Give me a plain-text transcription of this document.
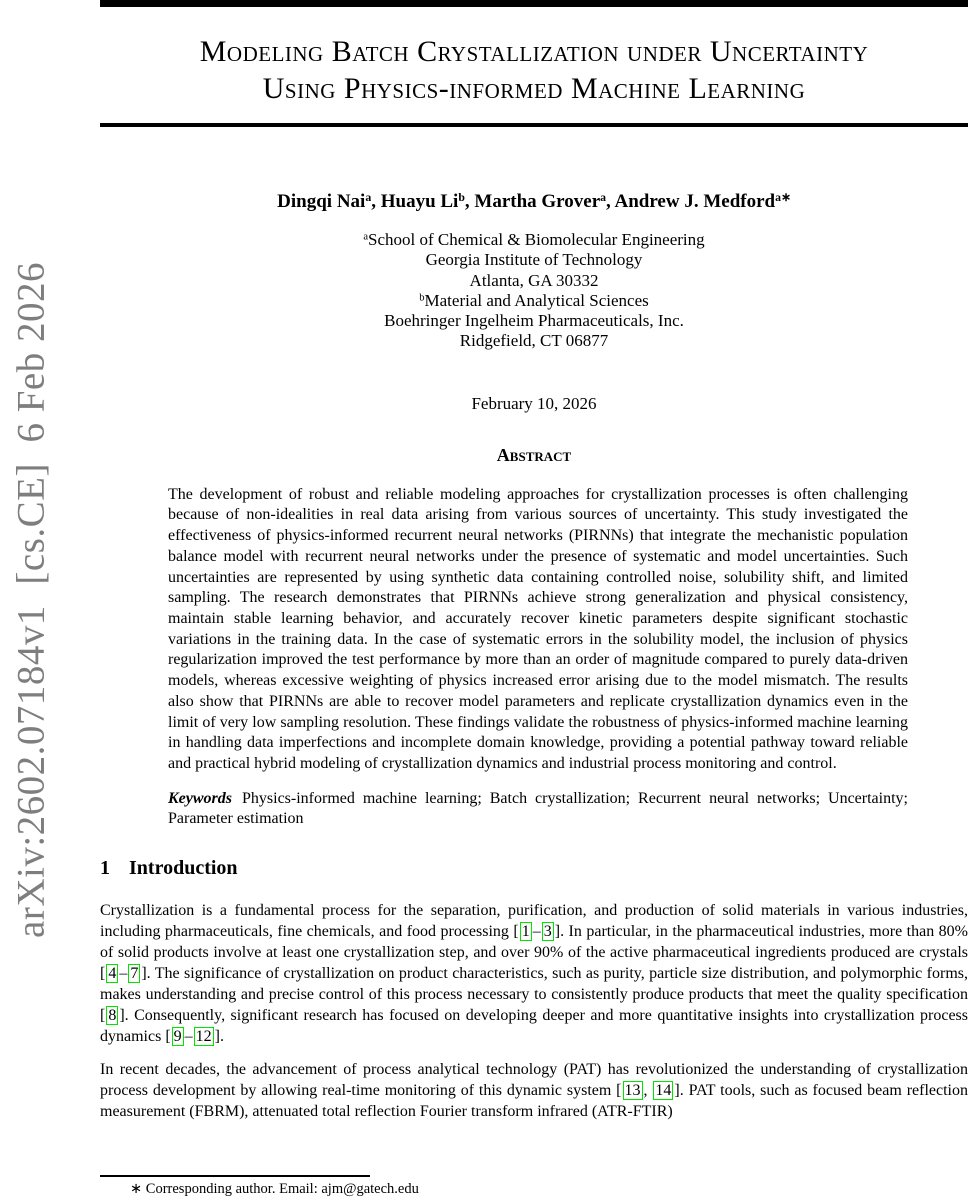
arXiv:2602.07184v1  [cs.CE]  6 Feb 2026
Modeling Batch Crystallization under Uncertainty
Using Physics-informed Machine Learning
Dingqi Nai$^a$, Huayu Li$^b$, Martha Grover$^a$, Andrew J. Medford$^{a∗}$
$^a$School of Chemical & Biomolecular Engineering
Georgia Institute of Technology
Atlanta, GA 30332
$^b$Material and Analytical Sciences
Boehringer Ingelheim Pharmaceuticals, Inc.
Ridgefield, CT 06877
February 10, 2026
Abstract

The development of robust and reliable modeling approaches for crystallization processes is often challenging because of non-idealities in real data arising from various sources of uncertainty. This study investigated the effectiveness of physics-informed recurrent neural networks (PIRNNs) that integrate the mechanistic population balance model with recurrent neural networks under the presence of systematic and model uncertainties. Such uncertainties are represented by using synthetic data containing controlled noise, solubility shift, and limited sampling. The research demonstrates that PIRNNs achieve strong generalization and physical consistency, maintain stable learning behavior, and accurately recover kinetic parameters despite significant stochastic variations in the training data. In the case of systematic errors in the solubility model, the inclusion of physics regularization improved the test performance by more than an order of magnitude compared to purely data-driven models, whereas excessive weighting of physics increased error arising due to the model mismatch. The results also show that PIRNNs are able to recover model parameters and replicate crystallization dynamics even in the limit of very low sampling resolution. These findings validate the robustness of physics-informed machine learning in handling data imperfections and incomplete domain knowledge, providing a potential pathway toward reliable and practical hybrid modeling of crystallization dynamics and industrial process monitoring and control.

Keywords Physics-informed machine learning; Batch crystallization; Recurrent neural networks; Uncertainty; Parameter estimation

1 Introduction

Crystallization is a fundamental process for the separation, purification, and production of solid materials in various industries, including pharmaceuticals, fine chemicals, and food processing [ 1 – 3 ]. In particular, in the pharmaceutical industries, more than 80% of solid products involve at least one crystallization step, and over 90% of the active pharmaceutical ingredients produced are crystals [ 4 – 7 ]. The significance of crystallization on product characteristics, such as purity, particle size distribution, and polymorphic forms, makes understanding and precise control of this process necessary to consistently produce products that meet the quality specification [ 8 ]. Consequently, significant research has focused on developing deeper and more quantitative insights into crystallization process dynamics [ 9 – 12 ].

In recent decades, the advancement of process analytical technology (PAT) has revolutionized the understanding of crystallization process development by allowing real-time monitoring of this dynamic system [ 13 , 14 ]. PAT tools, such as focused beam reflection measurement (FBRM), attenuated total reflection Fourier transform infrared (ATR-FTIR)

∗ Corresponding author. Email: ajm@gatech.edu
